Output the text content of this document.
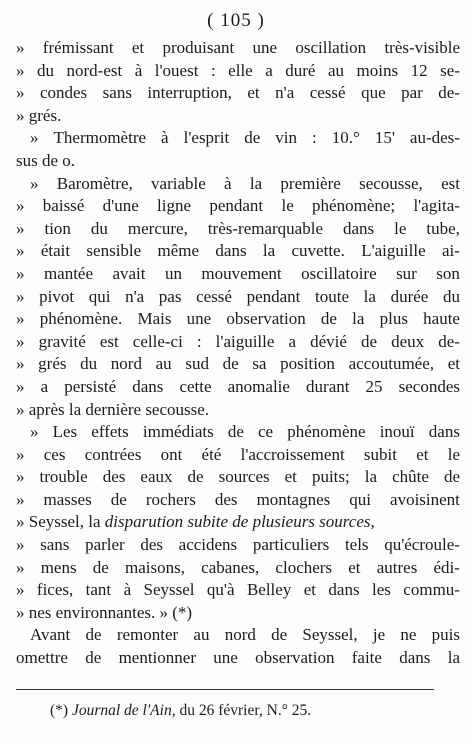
( 105 )
» frémissant et produisant une oscillation très-visible
» du nord-est à l'ouest : elle a duré au moins 12 se-
» condes sans interruption, et n'a cessé que par de-
» grés.
» Thermomètre à l'esprit de vin : 10.° 15' au-des-
sus de o.
» Baromètre, variable à la première secousse, est
» baissé d'une ligne pendant le phénomène; l'agita-
» tion du mercure, très-remarquable dans le tube,
» était sensible même dans la cuvette. L'aiguille ai-
» mantée avait un mouvement oscillatoire sur son
» pivot qui n'a pas cessé pendant toute la durée du
» phénomène. Mais une observation de la plus haute
» gravité est celle-ci : l'aiguille a dévié de deux de-
» grés du nord au sud de sa position accoutumée, et
» a persisté dans cette anomalie durant 25 secondes
» après la dernière secousse.
» Les effets immédiats de ce phénomène inouï dans
» ces contrées ont été l'accroissement subit et le
» trouble des eaux de sources et puits; la chûte de
» masses de rochers des montagnes qui avoisinent
» Seyssel, la
disparution subite de plusieurs sources,
» sans parler des accidens particuliers tels qu'écroule-
» mens de maisons, cabanes, clochers et autres édi-
» fices, tant à Seyssel qu'à Belley et dans les commu-
» nes environnantes. » (*)
Avant de remonter au nord de Seyssel, je ne puis
omettre de mentionner une observation faite dans la
(*) Journal de l'Ain, du 26 février, N.° 25.
